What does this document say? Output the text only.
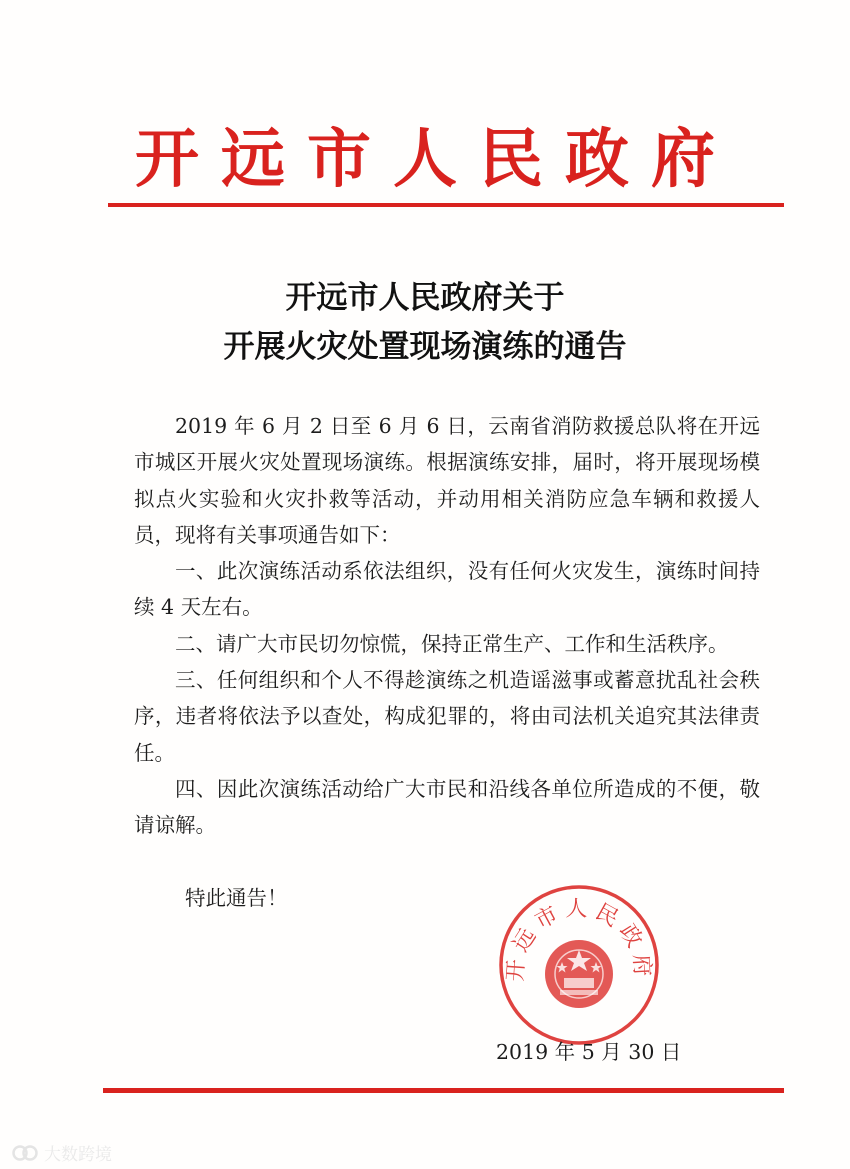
开远市人民政府
开远市人民政府关于
开展火灾处置现场演练的通告

2019 年 6 月 2 日至 6 月 6 日，云南省消防救援总队将在开远市城区开展火灾处置现场演练。根据演练安排，届时，将开展现场模拟点火实验和火灾扑救等活动，并动用相关消防应急车辆和救援人员，现将有关事项通告如下：

一、此次演练活动系依法组织，没有任何火灾发生，演练时间持续 4 天左右。

二、请广大市民切勿惊慌，保持正常生产、工作和生活秩序。

三、任何组织和个人不得趁演练之机造谣滋事或蓄意扰乱社会秩序，违者将依法予以查处，构成犯罪的，将由司法机关追究其法律责任。

四、因此次演练活动给广大市民和沿线各单位所造成的不便，敬请谅解。

特此通告！
开远市人民政府
2019 年 5 月 30 日
大数跨境
